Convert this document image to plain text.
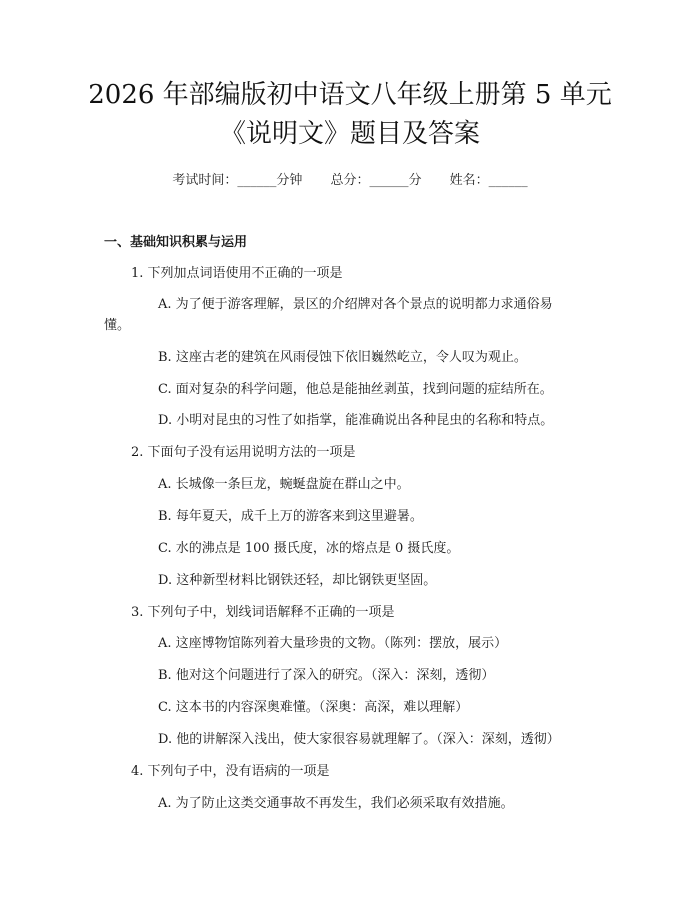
2026 年部编版初中语文八年级上册第 5 单元
《说明文》题目及答案
考试时间：______分钟 总分：______分 姓名：______
一、基础知识积累与运用
1. 下列加点词语使用不正确的一项是
A. 为了便于游客理解，景区的介绍牌对各个景点的说明都力求通俗易
懂。
B. 这座古老的建筑在风雨侵蚀下依旧巍然屹立，令人叹为观止。
C. 面对复杂的科学问题，他总是能抽丝剥茧，找到问题的症结所在。
D. 小明对昆虫的习性了如指掌，能准确说出各种昆虫的名称和特点。
2. 下面句子没有运用说明方法的一项是
A. 长城像一条巨龙，蜿蜒盘旋在群山之中。
B. 每年夏天，成千上万的游客来到这里避暑。
C. 水的沸点是 100 摄氏度，冰的熔点是 0 摄氏度。
D. 这种新型材料比钢铁还轻，却比钢铁更坚固。
3. 下列句子中，划线词语解释不正确的一项是
A. 这座博物馆陈列着大量珍贵的文物。（陈列：摆放，展示）
B. 他对这个问题进行了深入的研究。（深入：深刻，透彻）
C. 这本书的内容深奥难懂。（深奥：高深，难以理解）
D. 他的讲解深入浅出，使大家很容易就理解了。（深入：深刻，透彻）
4. 下列句子中，没有语病的一项是
A. 为了防止这类交通事故不再发生，我们必须采取有效措施。
